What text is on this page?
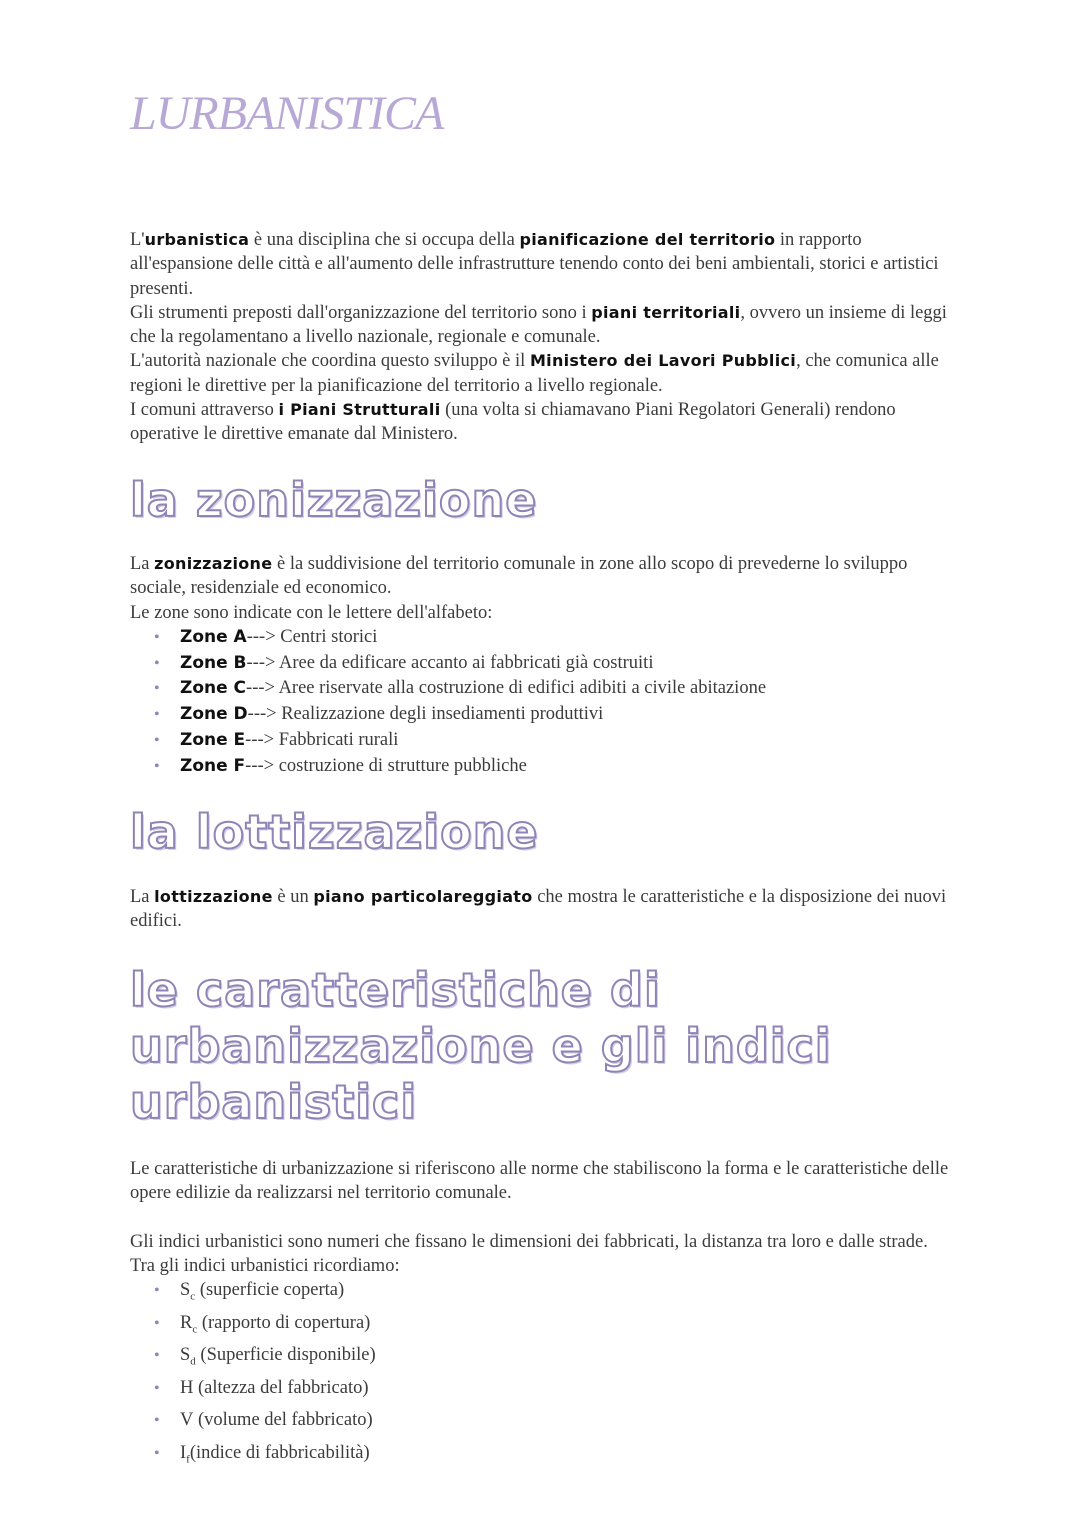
LURBANISTICA

L'urbanistica è una disciplina che si occupa della pianificazione del territorio in rapporto all'espansione delle città e all'aumento delle infrastrutture tenendo conto dei beni ambientali, storici e artistici presenti.

Gli strumenti preposti dall'organizzazione del territorio sono i piani territoriali, ovvero un insieme di leggi che la regolamentano a livello nazionale, regionale e comunale.

L'autorità nazionale che coordina questo sviluppo è il Ministero dei Lavori Pubblici, che comunica alle regioni le direttive per la pianificazione del territorio a livello regionale.

I comuni attraverso i Piani Strutturali (una volta si chiamavano Piani Regolatori Generali) rendono operative le direttive emanate dal Ministero.

la zonizzazione

La zonizzazione è la suddivisione del territorio comunale in zone allo scopo di prevederne lo sviluppo sociale, residenziale ed economico.

Le zone sono indicate con le lettere dell'alfabeto:

• Zone A---> Centri storici
• Zone B---> Aree da edificare accanto ai fabbricati già costruiti
• Zone C---> Aree riservate alla costruzione di edifici adibiti a civile abitazione
• Zone D---> Realizzazione degli insediamenti produttivi
• Zone E---> Fabbricati rurali
• Zone F---> costruzione di strutture pubbliche
la lottizzazione

La lottizzazione è un piano particolareggiato che mostra le caratteristiche e la disposizione dei nuovi edifici.

le caratteristiche di urbanizzazione e gli indici urbanistici

Le caratteristiche di urbanizzazione si riferiscono alle norme che stabiliscono la forma e le caratteristiche delle opere edilizie da realizzarsi nel territorio comunale.

Gli indici urbanistici sono numeri che fissano le dimensioni dei fabbricati, la distanza tra loro e dalle strade.

Tra gli indici urbanistici ricordiamo:

• $S_c$ (superficie coperta)
• $R_c$ (rapporto di copertura)
• $S_d$ (Superficie disponibile)
• H (altezza del fabbricato)
• V (volume del fabbricato)
• $I_f(indice$ di fabbricabilità)
